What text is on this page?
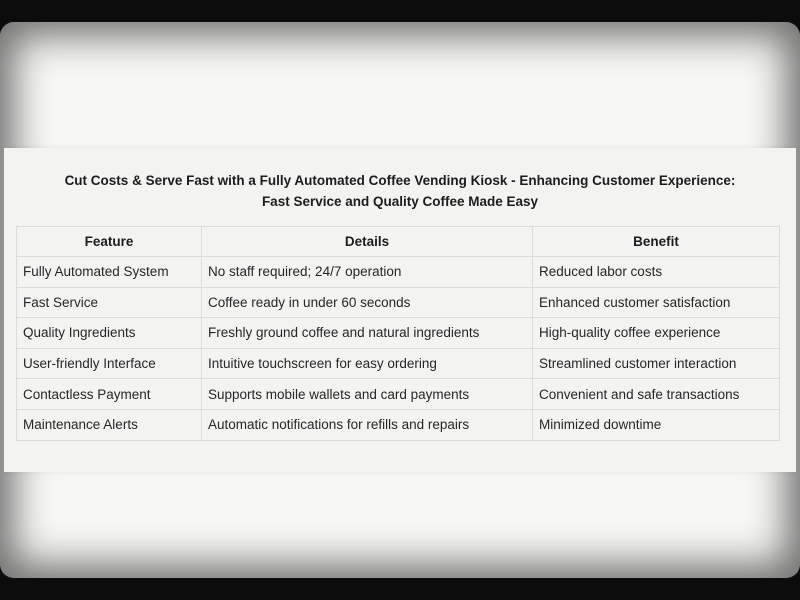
Cut Costs & Serve Fast with a Fully Automated Coffee Vending Kiosk - Enhancing Customer Experience:
Fast Service and Quality Coffee Made Easy
Feature	Details	Benefit
Fully Automated System	No staff required; 24/7 operation	Reduced labor costs
Fast Service	Coffee ready in under 60 seconds	Enhanced customer satisfaction
Quality Ingredients	Freshly ground coffee and natural ingredients	High-quality coffee experience
User-friendly Interface	Intuitive touchscreen for easy ordering	Streamlined customer interaction
Contactless Payment	Supports mobile wallets and card payments	Convenient and safe transactions
Maintenance Alerts	Automatic notifications for refills and repairs	Minimized downtime
